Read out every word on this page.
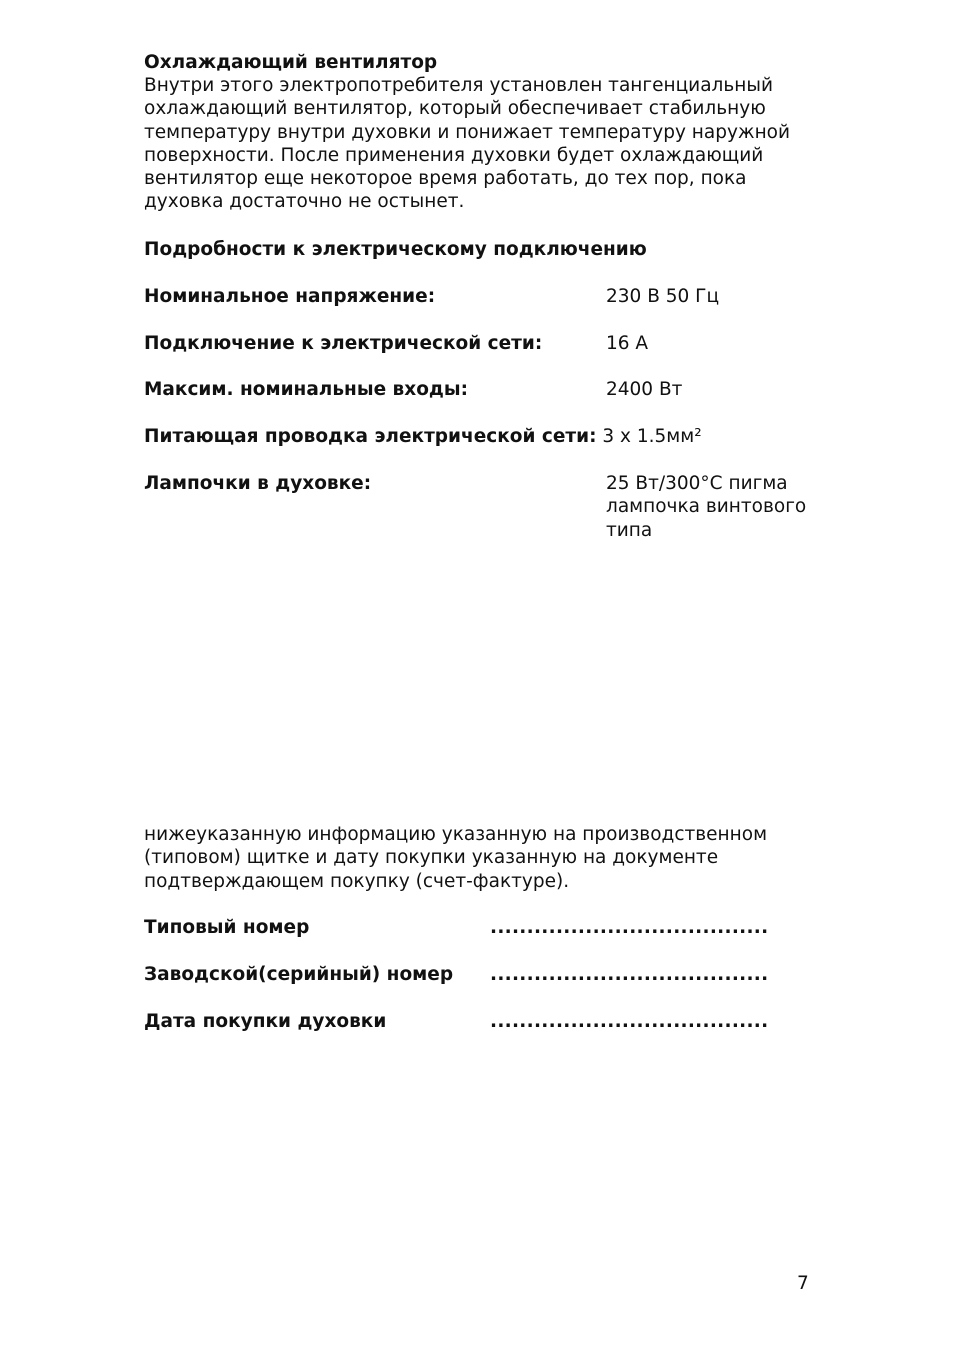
Охлаждающий вентилятор
Внутри этого электропотребителя установлен тангенциальный
охлаждающий вентилятор, который обеспечивает стабильную
температуру внутри духовки и понижает температуру наружной
поверхности. После применения духовки будет охлаждающий
вентилятор еще некоторое время работать, до тех пор, пока
духовка достаточно не остынет.
Подробности к электрическому подключению
Номинальное напряжение:	230 В 50 Гц
Подключение к электрической сети:	16 А
Максим. номинальные входы:	2400 Вт
Питающая проводка электрической сети: 3 x 1.5мм²
Лампочки в духовке:	25 Вт/300°C пигма
лампочка винтового
типа
нижеуказанную информацию указанную на производственном
(типовом) щитке и дату покупки указанную на документе
подтверждающем покупку (счет-фактуре).
Типовый номер	......................................
Заводской(серийный) номер ......................................
Дата покупки духовки	......................................
7
